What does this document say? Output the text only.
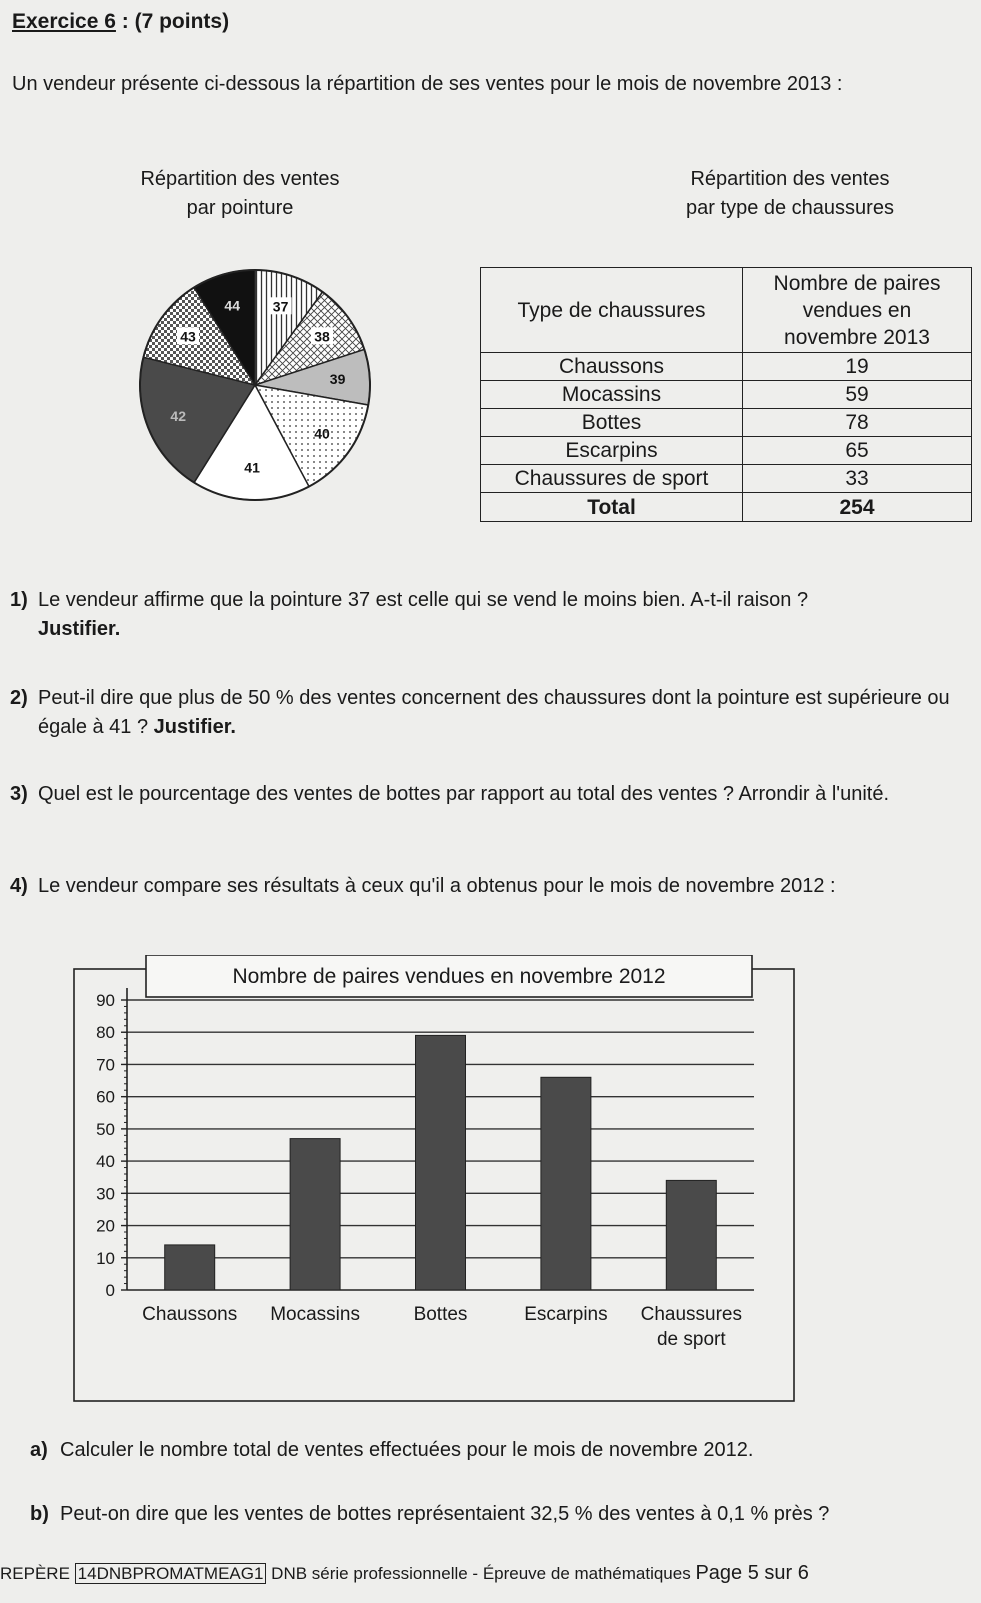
Exercice 6 : (7 points)
Un vendeur présente ci-dessous la répartition de ses ventes pour le mois de novembre 2013 :
Répartition des ventes
par pointure
37
38
39
40
41
42
43
44
Répartition des ventes
par type de chaussures
Type de chaussures	Nombre de paires
vendues en
novembre 2013

Chaussons	19
Mocassins	59
Bottes	78
Escarpins	65
Chaussures de sport	33
Total	254
1) Le vendeur affirme que la pointure 37 est celle qui se vend le moins bien. A-t-il raison ?
Justifier.
2) Peut-il dire que plus de 50 % des ventes concernent des chaussures dont la pointure est supérieure ou égale à 41 ? Justifier.
3) Quel est le pourcentage des ventes de bottes par rapport au total des ventes ? Arrondir à l'unité.
4) Le vendeur compare ses résultats à ceux qu'il a obtenus pour le mois de novembre 2012 :
0
10
20
30
40
50
60
70
80
90
Chaussons Mocassins	Bottes	Escarpins Chaussures
de sport
Nombre de paires vendues en novembre 2012
a) Calculer le nombre total de ventes effectuées pour le mois de novembre 2012.
b) Peut-on dire que les ventes de bottes représentaient 32,5 % des ventes à 0,1 % près ?
REPÈRE 14DNBPROMATMEAG1 DNB série professionnelle - Épreuve de mathématiques Page 5 sur 6
